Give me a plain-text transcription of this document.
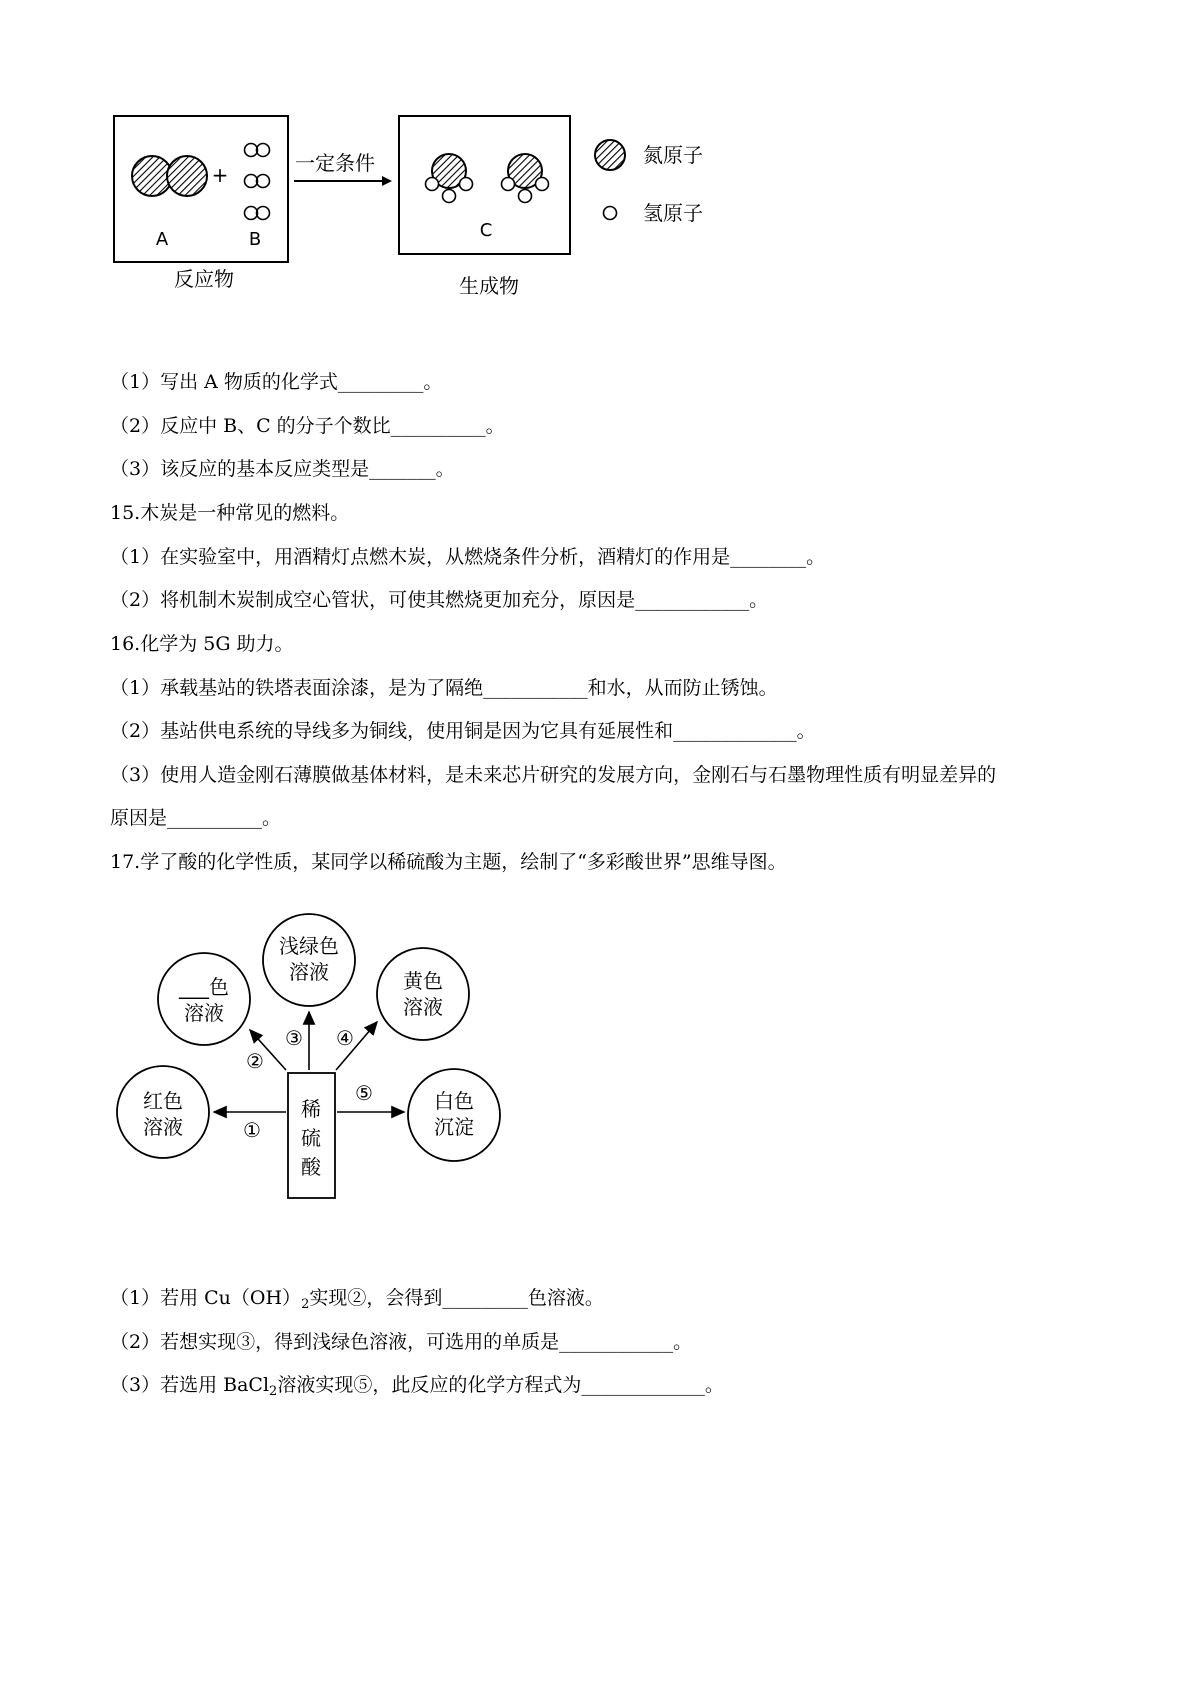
+
A	B
反应物
一定条件
C
生成物
氮原子
氢原子
（1）写出 A 物质的化学式_________。
（2）反应中 B、C 的分子个数比__________。
（3）该反应的基本反应类型是_______。
15.木炭是一种常见的燃料。
（1）在实验室中，用酒精灯点燃木炭，从燃烧条件分析，酒精灯的作用是________。
（2）将机制木炭制成空心管状，可使其燃烧更加充分，原因是____________。
16.化学为 5G 助力。
（1）承载基站的铁塔表面涂漆，是为了隔绝___________和水，从而防止锈蚀。
（2）基站供电系统的导线多为铜线，使用铜是因为它具有延展性和_____________。
（3）使用人造金刚石薄膜做基体材料，是未来芯片研究的发展方向，金刚石与石墨物理性质有明显差异的
原因是__________。
17.学了酸的化学性质，某同学以稀硫酸为主题，绘制了“多彩酸世界”思维导图。
稀
硫
酸
___色
溶液
浅绿色
溶液	黄色
溶液
红色
溶液
白色
沉淀
①
②
③ ④
⑤
（1）若用 $Cu(OH)_2$实现②，会得到_________色溶液。
（2）若想实现③，得到浅绿色溶液，可选用的单质是____________。
（3）若选用 BaCl$_2$溶液实现⑤，此反应的化学方程式为_____________。
